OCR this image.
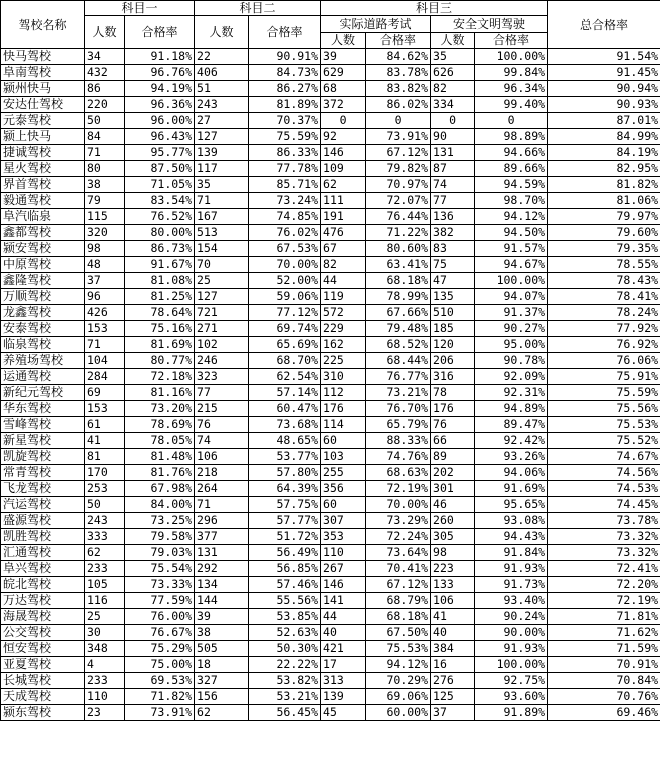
驾校名称	科目一		科目二		科目三				总合格率
	人数	合格率	人数	合格率	实际道路考试		安全文明驾驶		
					人数	合格率	人数	合格率	
快马驾校	34	91.18%	22	90.91%	39	84.62%	35	100.00%	91.54%
阜南驾校	432	96.76%	406	84.73%	629	83.78%	626	99.84%	91.45%
颍州快马	86	94.19%	51	86.27%	68	83.82%	82	96.34%	90.94%
安达仕驾校	220	96.36%	243	81.89%	372	86.02%	334	99.40%	90.93%
元泰驾校	50	96.00%	27	70.37%	0	0	0	0	87.01%
颍上快马	84	96.43%	127	75.59%	92	73.91%	90	98.89%	84.99%
捷诚驾校	71	95.77%	139	86.33%	146	67.12%	131	94.66%	84.19%
星火驾校	80	87.50%	117	77.78%	109	79.82%	87	89.66%	82.95%
界首驾校	38	71.05%	35	85.71%	62	70.97%	74	94.59%	81.82%
毅通驾校	79	83.54%	71	73.24%	111	72.07%	77	98.70%	81.06%
阜汽临泉	115	76.52%	167	74.85%	191	76.44%	136	94.12%	79.97%
鑫都驾校	320	80.00%	513	76.02%	476	71.22%	382	94.50%	79.60%
颍安驾校	98	86.73%	154	67.53%	67	80.60%	83	91.57%	79.35%
中原驾校	48	91.67%	70	70.00%	82	63.41%	75	94.67%	78.55%
鑫隆驾校	37	81.08%	25	52.00%	44	68.18%	47	100.00%	78.43%
万顺驾校	96	81.25%	127	59.06%	119	78.99%	135	94.07%	78.41%
龙鑫驾校	426	78.64%	721	77.12%	572	67.66%	510	91.37%	78.24%
安泰驾校	153	75.16%	271	69.74%	229	79.48%	185	90.27%	77.92%
临泉驾校	71	81.69%	102	65.69%	162	68.52%	120	95.00%	76.92%
养殖场驾校	104	80.77%	246	68.70%	225	68.44%	206	90.78%	76.06%
运通驾校	284	72.18%	323	62.54%	310	76.77%	316	92.09%	75.91%
新纪元驾校	69	81.16%	77	57.14%	112	73.21%	78	92.31%	75.59%
华东驾校	153	73.20%	215	60.47%	176	76.70%	176	94.89%	75.56%
雪峰驾校	61	78.69%	76	73.68%	114	65.79%	76	89.47%	75.53%
新星驾校	41	78.05%	74	48.65%	60	88.33%	66	92.42%	75.52%
凯旋驾校	81	81.48%	106	53.77%	103	74.76%	89	93.26%	74.67%
常青驾校	170	81.76%	218	57.80%	255	68.63%	202	94.06%	74.56%
飞龙驾校	253	67.98%	264	64.39%	356	72.19%	301	91.69%	74.53%
汽运驾校	50	84.00%	71	57.75%	60	70.00%	46	95.65%	74.45%
盛源驾校	243	73.25%	296	57.77%	307	73.29%	260	93.08%	73.78%
凯胜驾校	333	79.58%	377	51.72%	353	72.24%	305	94.43%	73.32%
汇通驾校	62	79.03%	131	56.49%	110	73.64%	98	91.84%	73.32%
阜兴驾校	233	75.54%	292	56.85%	267	70.41%	223	91.93%	72.41%
皖北驾校	105	73.33%	134	57.46%	146	67.12%	133	91.73%	72.20%
万达驾校	116	77.59%	144	55.56%	141	68.79%	106	93.40%	72.19%
海晟驾校	25	76.00%	39	53.85%	44	68.18%	41	90.24%	71.81%
公交驾校	30	76.67%	38	52.63%	40	67.50%	40	90.00%	71.62%
恒安驾校	348	75.29%	505	50.30%	421	75.53%	384	91.93%	71.59%
亚夏驾校	4	75.00%	18	22.22%	17	94.12%	16	100.00%	70.91%
长城驾校	233	69.53%	327	53.82%	313	70.29%	276	92.75%	70.84%
天成驾校	110	71.82%	156	53.21%	139	69.06%	125	93.60%	70.76%
颍东驾校	23	73.91%	62	56.45%	45	60.00%	37	91.89%	69.46%
